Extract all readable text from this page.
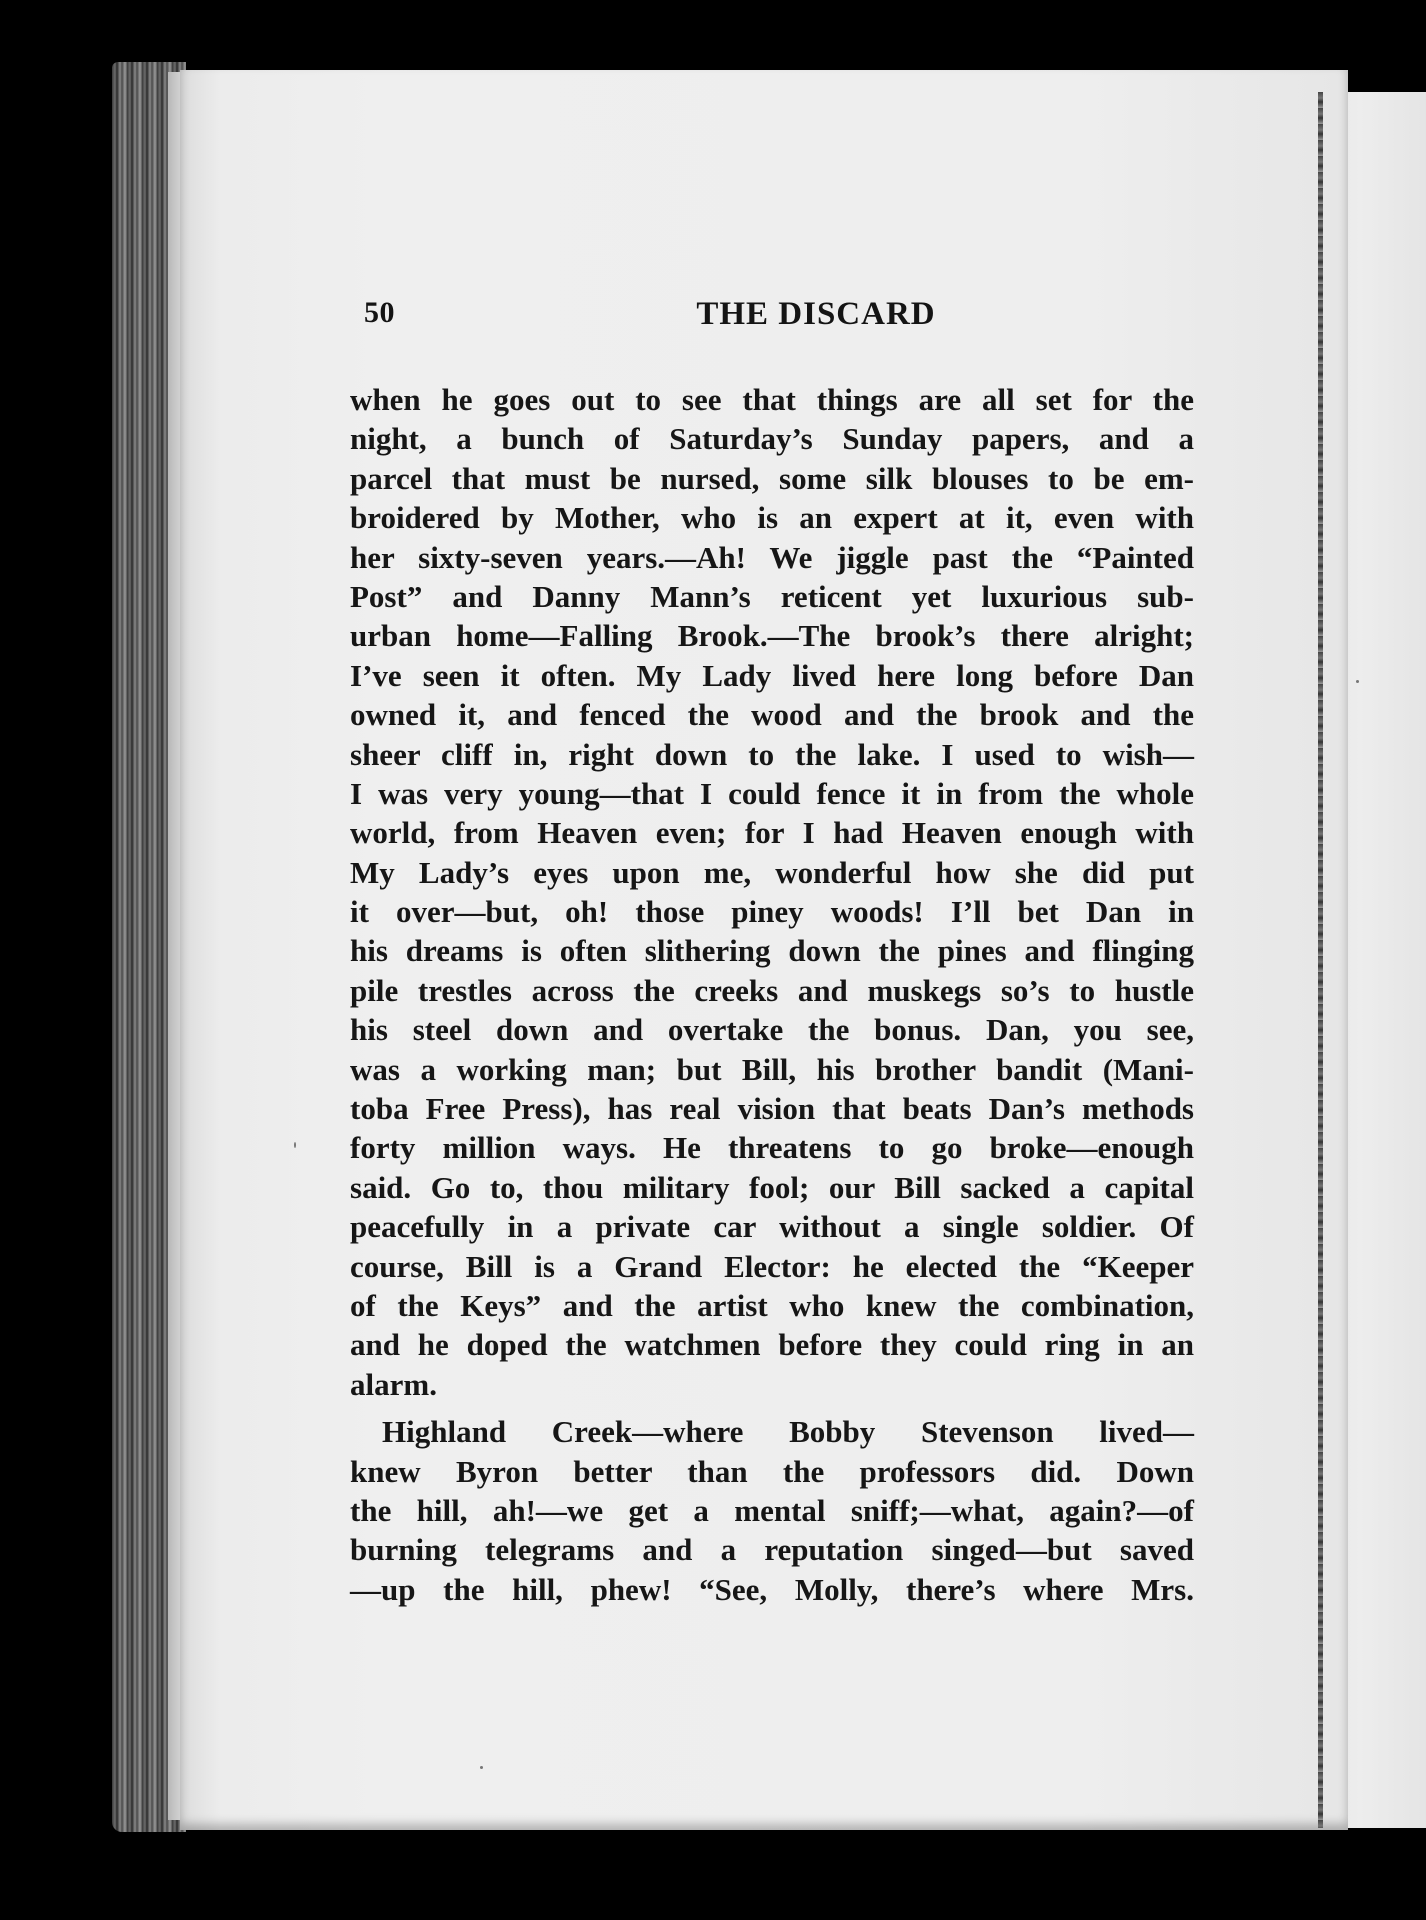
50	THE DISCARD
when he goes out to see that things are all set for the
night, a bunch of Saturday’s Sunday papers, and a
parcel that must be nursed, some silk blouses to be em-
broidered by Mother, who is an expert at it, even with
her sixty-seven years.—Ah! We jiggle past the “Painted
Post” and Danny Mann’s reticent yet luxurious sub-
urban home—Falling Brook.—The brook’s there alright;
I’ve seen it often. My Lady lived here long before Dan
owned it, and fenced the wood and the brook and the
sheer cliff in, right down to the lake. I used to wish—
I was very young—that I could fence it in from the whole
world, from Heaven even; for I had Heaven enough with
My Lady’s eyes upon me, wonderful how she did put
it over—but, oh! those piney woods! I’ll bet Dan in
his dreams is often slithering down the pines and flinging
pile trestles across the creeks and muskegs so’s to hustle
his steel down and overtake the bonus. Dan, you see,
was a working man; but Bill, his brother bandit (Mani-
toba Free Press), has real vision that beats Dan’s methods
forty million ways. He threatens to go broke—enough
said. Go to, thou military fool; our Bill sacked a capital
peacefully in a private car without a single soldier. Of
course, Bill is a Grand Elector: he elected the “Keeper
of the Keys” and the artist who knew the combination,
and he doped the watchmen before they could ring in an
alarm.
Highland Creek—where Bobby Stevenson lived—
knew Byron better than the professors did. Down
the hill, ah!—we get a mental sniff;—what, again?—of
burning telegrams and a reputation singed—but saved
—up the hill, phew! “See, Molly, there’s where Mrs.
